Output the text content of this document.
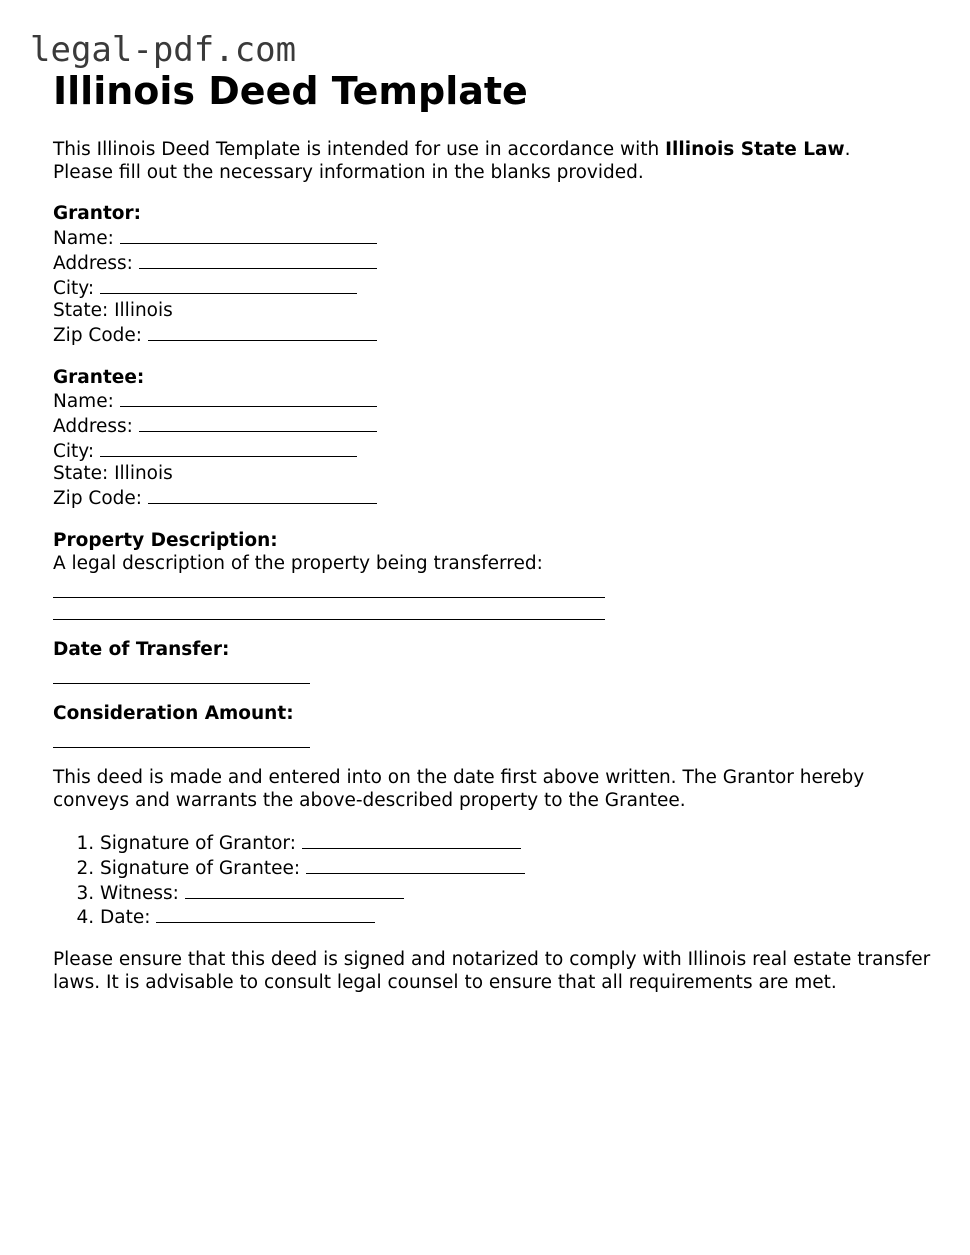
legal-pdf.com
Illinois Deed Template

This Illinois Deed Template is intended for use in accordance with Illinois State Law.
Please fill out the necessary information in the blanks provided.

Grantor:
Name:
Address:
City:
State: Illinois
Zip Code:
Grantee:
Name:
Address:
City:
State: Illinois
Zip Code:
Property Description:
A legal description of the property being transferred:
Date of Transfer:
Consideration Amount:

This deed is made and entered into on the date first above written. The Grantor hereby conveys and warrants the above-described property to the Grantee.

1. Signature of Grantor:
2. Signature of Grantee:
3. Witness:
4. Date:

Please ensure that this deed is signed and notarized to comply with Illinois real estate transfer laws. It is advisable to consult legal counsel to ensure that all requirements are met.
